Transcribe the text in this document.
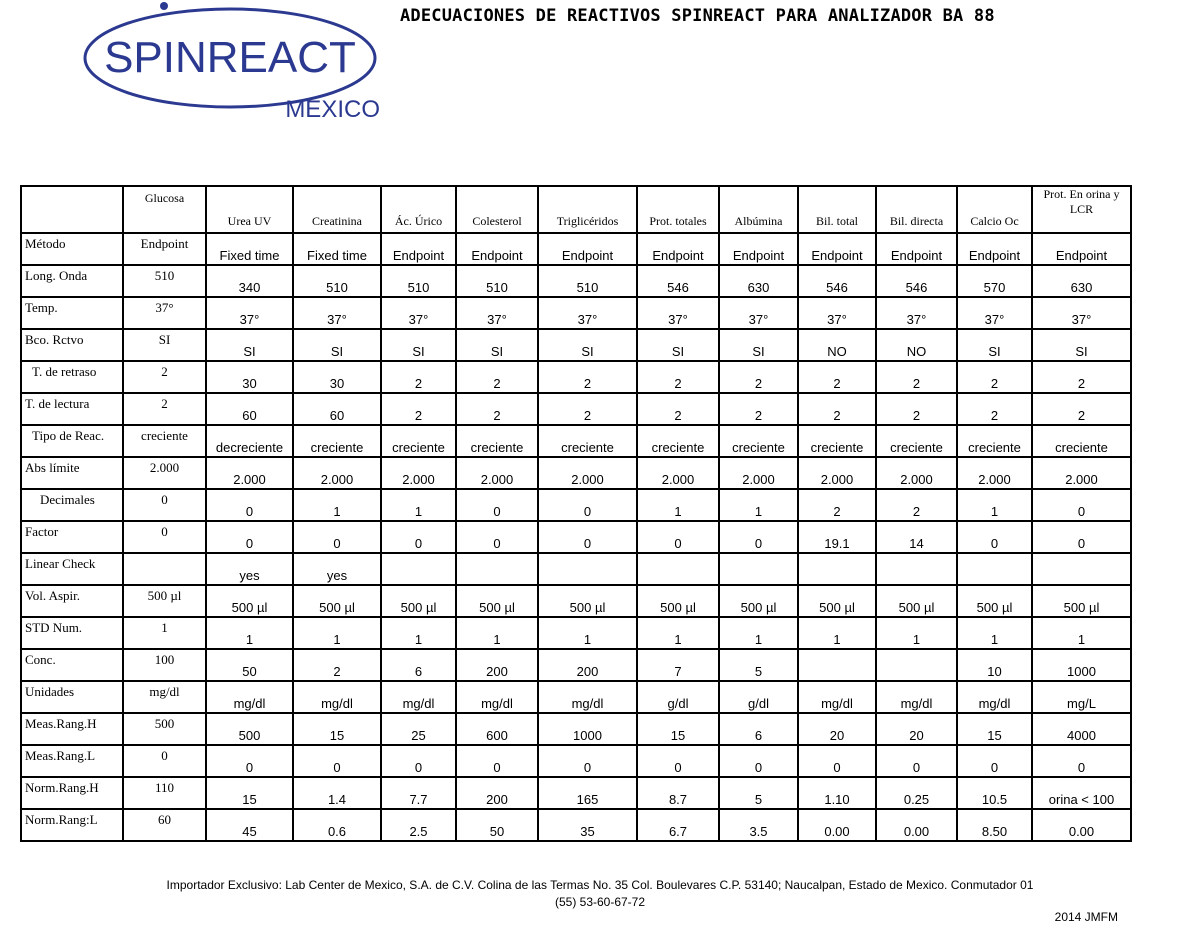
SPINREACT
MEXICO
ADECUACIONES DE REACTIVOS SPINREACT PARA ANALIZADOR BA 88
	Glucosa	Urea UV	Creatinina	Ác. Úrico	Colesterol	Triglicéridos	Prot. totales	Albúmina	Bil. total	Bil. directa	Calcio Oc	Prot. En orina y LCR
Método	Endpoint	Fixed time	Fixed time	Endpoint	Endpoint	Endpoint	Endpoint	Endpoint	Endpoint	Endpoint	Endpoint	Endpoint
Long. Onda	510	340	510	510	510	510	546	630	546	546	570	630
Temp.	37°	37°	37°	37°	37°	37°	37°	37°	37°	37°	37°	37°
Bco. Rctvo	SI	SI	SI	SI	SI	SI	SI	SI	NO	NO	SI	SI
T. de retraso	2	30	30	2	2	2	2	2	2	2	2	2
T. de lectura	2	60	60	2	2	2	2	2	2	2	2	2
Tipo de Reac.	creciente	decreciente	creciente	creciente	creciente	creciente	creciente	creciente	creciente	creciente	creciente	creciente
Abs límite	2.000	2.000	2.000	2.000	2.000	2.000	2.000	2.000	2.000	2.000	2.000	2.000
Decimales	0	0	1	1	0	0	1	1	2	2	1	0
Factor	0	0	0	0	0	0	0	0	19.1	14	0	0
Linear Check		yes	yes									
Vol. Aspir.	500 µl	500 µl	500 µl	500 µl	500 µl	500 µl	500 µl	500 µl	500 µl	500 µl	500 µl	500 µl
STD Num.	1	1	1	1	1	1	1	1	1	1	1	1
Conc.	100	50	2	6	200	200	7	5			10	1000
Unidades	mg/dl	mg/dl	mg/dl	mg/dl	mg/dl	mg/dl	g/dl	g/dl	mg/dl	mg/dl	mg/dl	mg/L
Meas.Rang.H	500	500	15	25	600	1000	15	6	20	20	15	4000
Meas.Rang.L	0	0	0	0	0	0	0	0	0	0	0	0
Norm.Rang.H	110	15	1.4	7.7	200	165	8.7	5	1.10	0.25	10.5	orina < 100
Norm.Rang:L	60	45	0.6	2.5	50	35	6.7	3.5	0.00	0.00	8.50	0.00
Importador Exclusivo: Lab Center de Mexico, S.A. de C.V. Colina de las Termas No. 35 Col. Boulevares C.P. 53140; Naucalpan, Estado de Mexico. Conmutador 01
(55) 53-60-67-72
2014 JMFM
